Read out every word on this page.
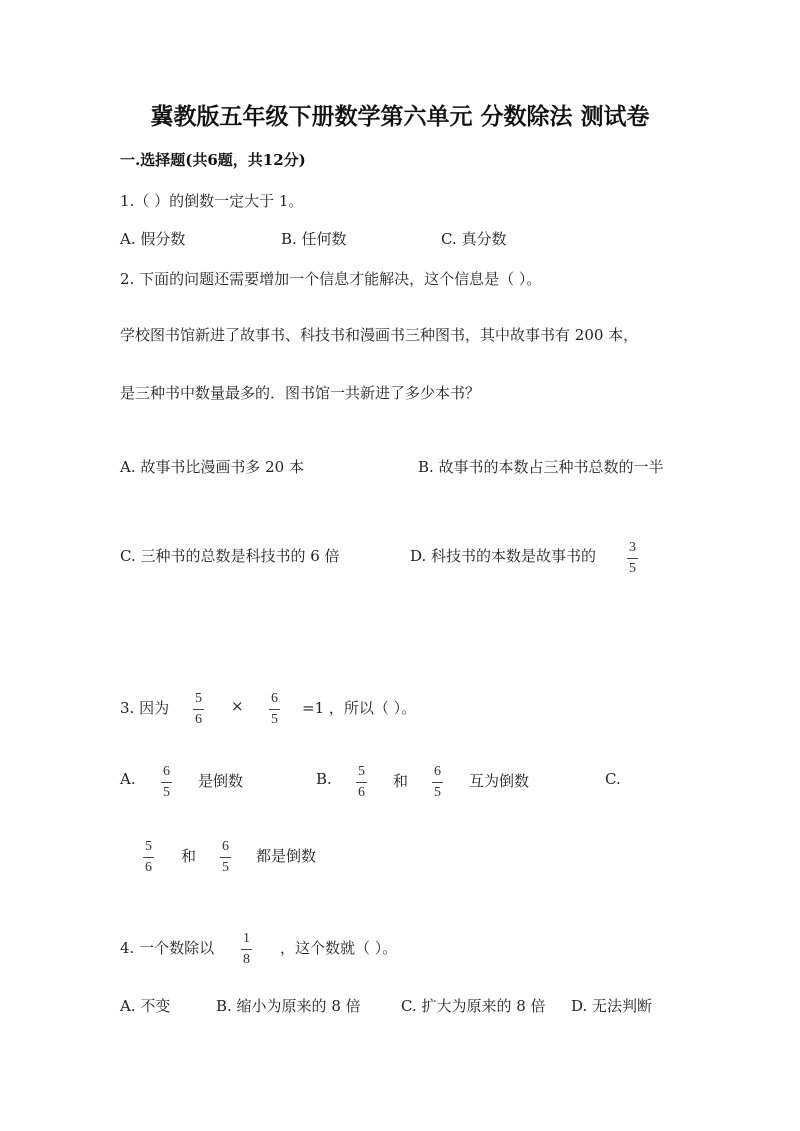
冀教版五年级下册数学第六单元 分数除法 测试卷
一.选择题(共6题，共12分)
1.（ ）的倒数一定大于 1。
A. 假分数	B. 任何数	C. 真分数
2. 下面的问题还需要增加一个信息才能解决，这个信息是（ ）。
学校图书馆新进了故事书、科技书和漫画书三种图书，其中故事书有 200 本，
是三种书中数量最多的．图书馆一共新进了多少本书？
A. 故事书比漫画书多 20 本	B. 故事书的本数占三种书总数的一半
C. 三种书的总数是科技书的 6 倍	D. 科技书的本数是故事书的 3
5
3. 因为
5
6
× 6
5
=1 ，所以（ ）。
A. 6
5
是倒数	B. 5
6
和
6
5
互为倒数	C.
5
6
和
6
5
都是倒数
4. 一个数除以
1
8
，这个数就（ ）。
A. 不变	B. 缩小为原来的 8 倍	C. 扩大为原来的 8 倍 D. 无法判断
